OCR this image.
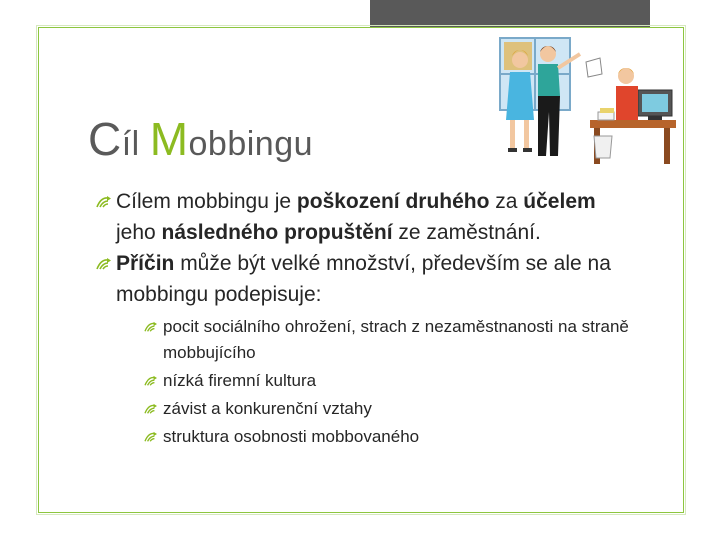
Cíl Mobbingu

Cílem mobbingu je poškození druhého za účelem jeho následného propuštění ze zaměstnání.

Příčin může být velké množství, především se ale na mobbingu podepisuje:

pocit sociálního ohrožení, strach z nezaměstnanosti na straně mobbujícího

nízká firemní kultura

závist a konkurenční vztahy

struktura osobnosti mobbovaného
